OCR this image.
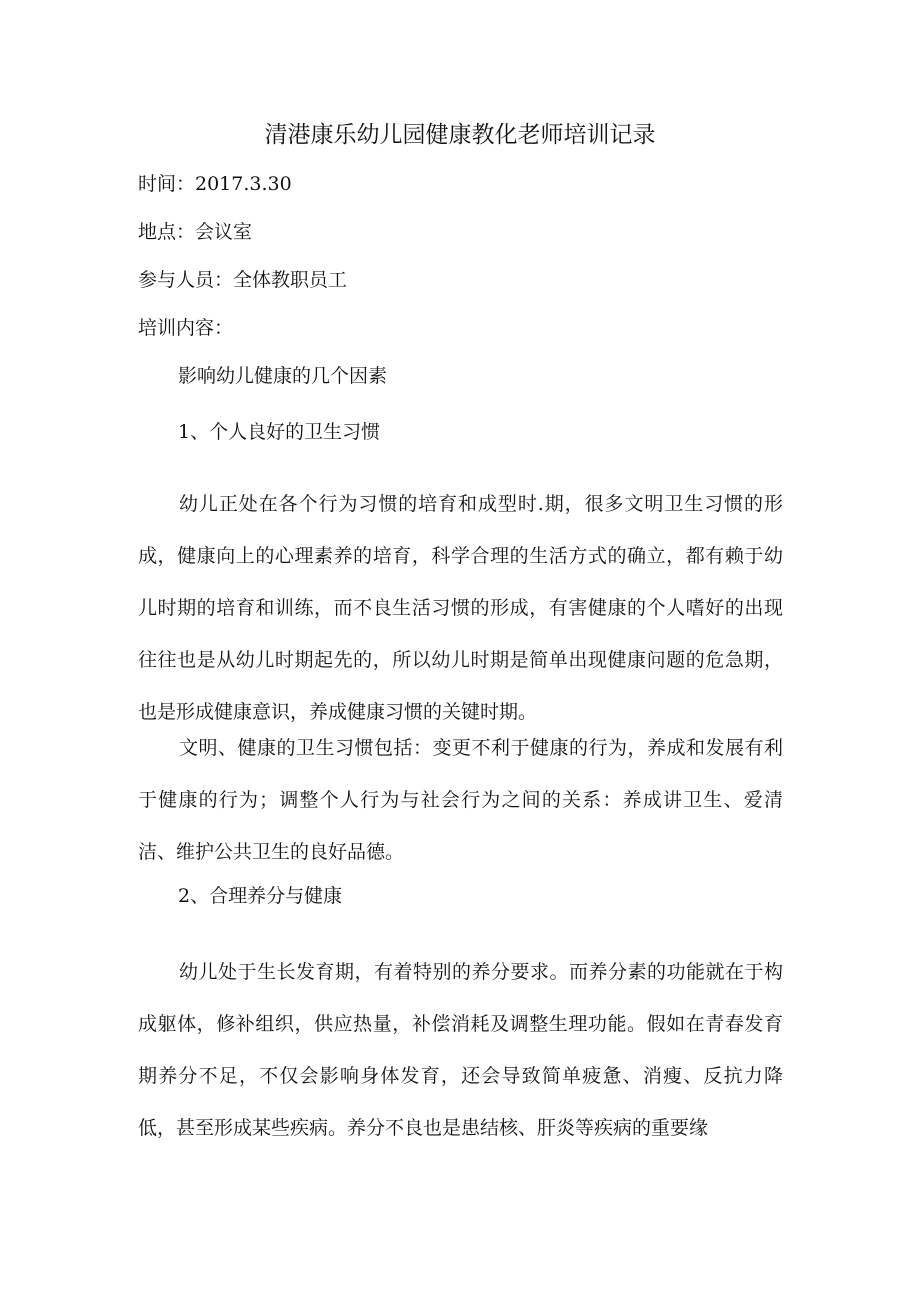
清港康乐幼儿园健康教化老师培训记录
时间：2017.3.30
地点：会议室
参与人员：全体教职员工
培训内容：
影响幼儿健康的几个因素
1、个人良好的卫生习惯

幼儿正处在各个行为习惯的培育和成型时.期，很多文明卫生习惯的形成，健康向上的心理素养的培育，科学合理的生活方式的确立，都有赖于幼儿时期的培育和训练，而不良生活习惯的形成，有害健康的个人嗜好的出现往往也是从幼儿时期起先的，所以幼儿时期是简单出现健康问题的危急期，也是形成健康意识，养成健康习惯的关键时期。

文明、健康的卫生习惯包括：变更不利于健康的行为，养成和发展有利于健康的行为；调整个人行为与社会行为之间的关系：养成讲卫生、爱清洁、维护公共卫生的良好品德。

2、合理养分与健康

幼儿处于生长发育期，有着特别的养分要求。而养分素的功能就在于构成躯体，修补组织，供应热量，补偿消耗及调整生理功能。假如在青春发育期养分不足，不仅会影响身体发育，还会导致简单疲惫、消瘦、反抗力降低，甚至形成某些疾病。养分不良也是患结核、肝炎等疾病的重要缘
